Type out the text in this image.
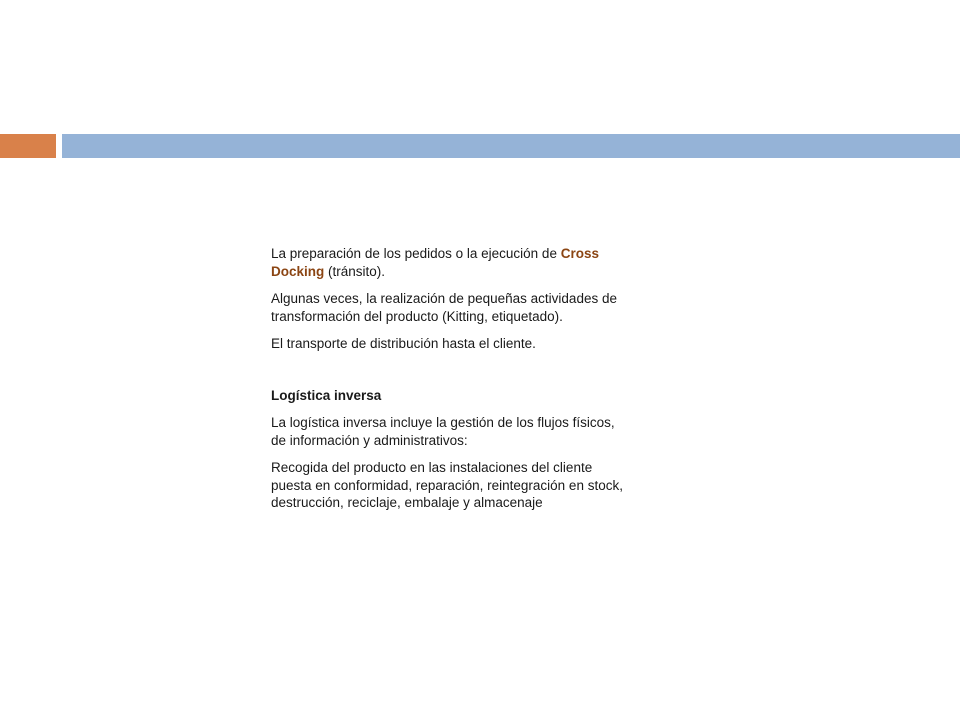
La preparación de los pedidos o la ejecución de Cross Docking (tránsito).

Algunas veces, la realización de pequeñas actividades de transformación del producto (Kitting, etiquetado).

El transporte de distribución hasta el cliente.

Logística inversa

La logística inversa incluye la gestión de los flujos físicos, de información y administrativos:

Recogida del producto en las instalaciones del cliente puesta en conformidad, reparación, reintegración en stock, destrucción, reciclaje, embalaje y almacenaje
